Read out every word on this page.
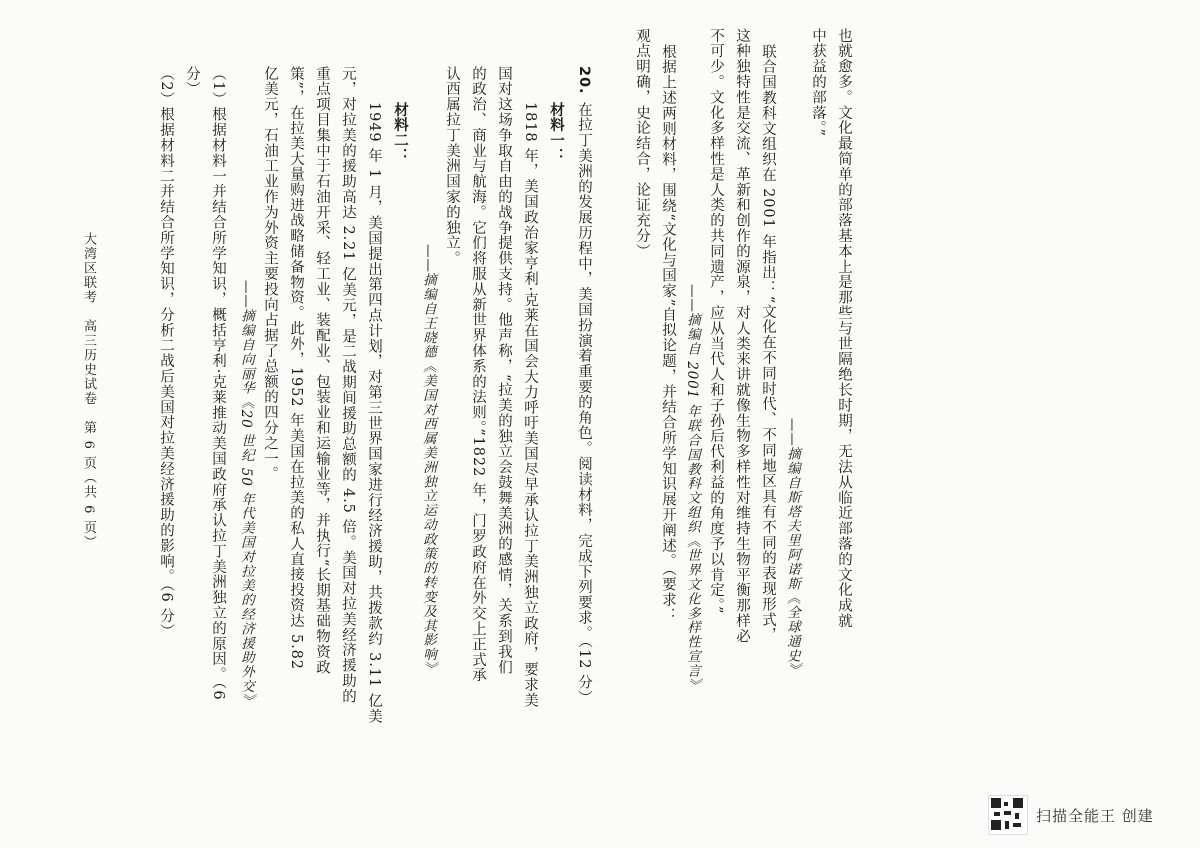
也就愈多。文化最简单的部落基本上是那些与世隔绝长时期，无法从临近部落的文化成就
中获益的部落。”
——摘编自斯塔夫里阿诺斯《全球通史》
联合国教科文组织在 2001 年指出：“文化在不同时代、不同地区具有不同的表现形式，
这种独特性是交流、革新和创作的源泉，对人类来讲就像生物多样性对维持生物平衡那样必
不可少。文化多样性是人类的共同遗产，应从当代人和子孙后代利益的角度予以肯定。”
——摘编自 2001 年联合国教科文组织《世界文化多样性宣言》
根据上述两则材料，围绕“文化与国家”自拟论题，并结合所学知识展开阐述。（要求：
观点明确，史论结合，论证充分）
20.
在拉丁美洲的发展历程中，美国扮演着重要的角色。阅读材料，完成下列要求。（12 分）
材料一：
1818 年，美国政治家亨利·克莱在国会大力呼吁美国尽早承认拉丁美洲独立政府，要求美
国对这场争取自由的战争提供支持。他声称，“拉美的独立会鼓舞美洲的感情，关系到我们
的政治、商业与航海。它们将服从新世界体系的法则。”1822 年，门罗政府在外交上正式承
认西属拉丁美洲国家的独立。
——摘编自王晓德《美国对西属美洲独立运动政策的转变及其影响》
材料二：
1949 年 1 月，美国提出第四点计划，对第三世界国家进行经济援助，共拨款约 3.11 亿美
元，对拉美的援助高达 2.21 亿美元，是二战期间援助总额的 4.5 倍。美国对拉美经济援助的
重点项目集中于石油开采、轻工业、装配业、包装业和运输业等，并执行“长期基础物资政
策”，在拉美大量购进战略储备物资。此外，1952 年美国在拉美的私人直接投资达 5.82
亿美元，石油工业作为外资主要投向占据了总额的四分之一。
——摘编自向丽华《20 世纪 50 年代美国对拉美的经济援助外交》
（1）根据材料一并结合所学知识，概括亨利·克莱推动美国政府承认拉丁美洲独立的原因。（6
分）
（2）根据材料二并结合所学知识，分析二战后美国对拉美经济援助的影响。（6 分）
大湾区联考　高三历史试卷　第 6 页（共 6 页）
扫描全能王 创建
